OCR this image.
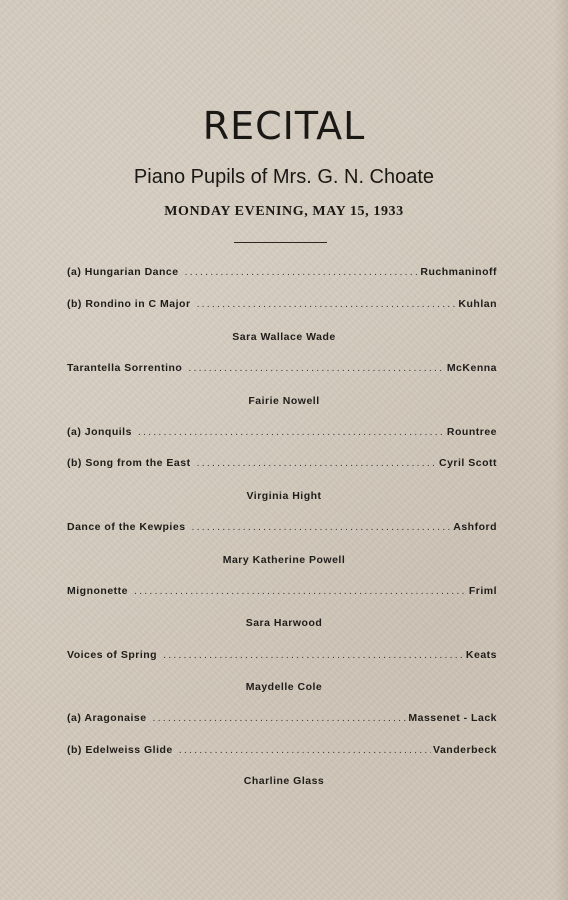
RECITAL
Piano Pupils of Mrs. G. N. Choate
MONDAY EVENING, MAY 15, 1933
(a) Hungarian Dance .....	Ruchmaninoff
(b) Rondino in C Major .....	Kuhlan
Sara Wallace Wade
Tarantella Sorrentino .....	McKenna
Fairie Nowell
(a) Jonquils .....	Rountree
(b) Song from the East .....	Cyril Scott
Virginia Hight
Dance of the Kewpies .....	Ashford
Mary Katherine Powell
Mignonette .....	Friml
Sara Harwood
Voices of Spring .....	Keats
Maydelle Cole
(a) Aragonaise .....	Massenet - Lack
(b) Edelweiss Glide .....	Vanderbeck
Charline Glass
